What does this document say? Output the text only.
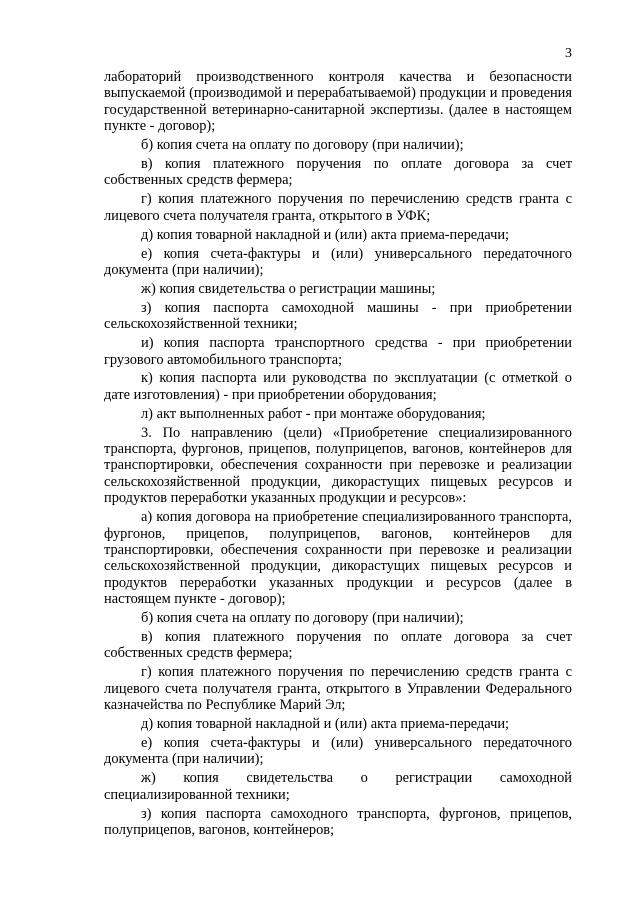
3

лабораторий производственного контроля качества и безопасности выпускаемой (производимой и перерабатываемой) продукции и проведения государственной ветеринарно-санитарной экспертизы. (далее в настоящем пункте - договор);

б) копия счета на оплату по договору (при наличии);

в) копия платежного поручения по оплате договора за счет собственных средств фермера;

г) копия платежного поручения по перечислению средств гранта с лицевого счета получателя гранта, открытого в УФК;

д) копия товарной накладной и (или) акта приема-передачи;

е) копия счета-фактуры и (или) универсального передаточного документа (при наличии);

ж) копия свидетельства о регистрации машины;

з) копия паспорта самоходной машины - при приобретении сельскохозяйственной техники;

и) копия паспорта транспортного средства - при приобретении грузового автомобильного транспорта;

к) копия паспорта или руководства по эксплуатации (с отметкой о дате изготовления) - при приобретении оборудования;

л) акт выполненных работ - при монтаже оборудования;

3. По направлению (цели) «Приобретение специализированного транспорта, фургонов, прицепов, полуприцепов, вагонов, контейнеров для транспортировки, обеспечения сохранности при перевозке и реализации сельскохозяйственной продукции, дикорастущих пищевых ресурсов и продуктов переработки указанных продукции и ресурсов»:

а) копия договора на приобретение специализированного транспорта, фургонов, прицепов, полуприцепов, вагонов, контейнеров для транспортировки, обеспечения сохранности при перевозке и реализации сельскохозяйственной продукции, дикорастущих пищевых ресурсов и продуктов переработки указанных продукции и ресурсов (далее в настоящем пункте - договор);

б) копия счета на оплату по договору (при наличии);

в) копия платежного поручения по оплате договора за счет собственных средств фермера;

г) копия платежного поручения по перечислению средств гранта с лицевого счета получателя гранта, открытого в Управлении Федерального казначейства по Республике Марий Эл;

д) копия товарной накладной и (или) акта приема-передачи;

е) копия счета-фактуры и (или) универсального передаточного документа (при наличии);

ж) копия свидетельства о регистрации самоходной специализированной техники;

з) копия паспорта самоходного транспорта, фургонов, прицепов, полуприцепов, вагонов, контейнеров;
